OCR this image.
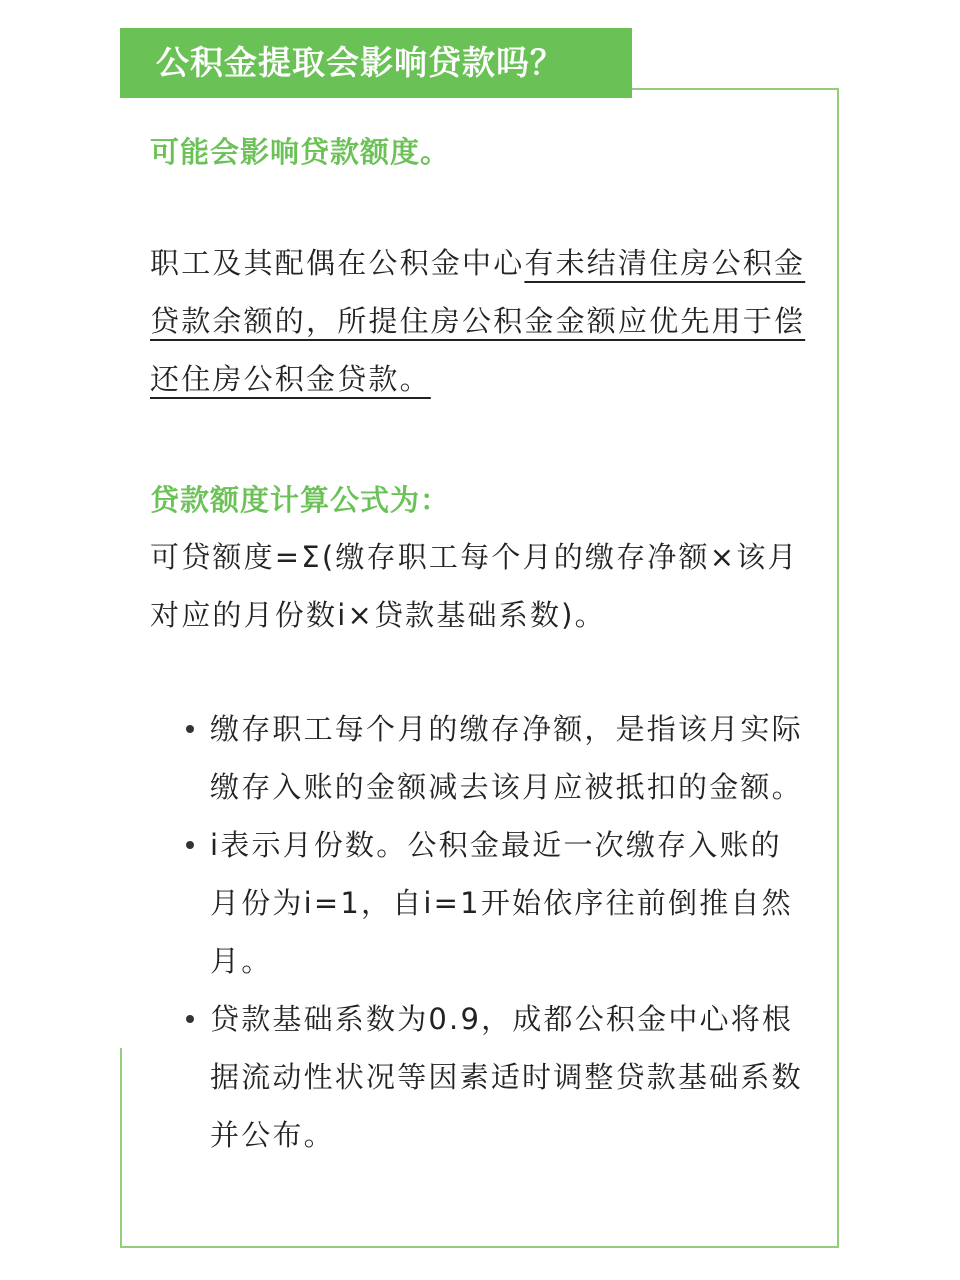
公积金提取会影响贷款吗？
可能会影响贷款额度。
职工及其配偶在公积金中心有未结清住房公积金贷款余额的，所提住房公积金金额应优先用于偿还住房公积金贷款。
贷款额度计算公式为：
可贷额度=Σ(缴存职工每个月的缴存净额×该月对应的月份数i×贷款基础系数)。
缴存职工每个月的缴存净额，是指该月实际缴存入账的金额减去该月应被抵扣的金额。
i表示月份数。公积金最近一次缴存入账的月份为i=1，自i=1开始依序往前倒推自然月。
贷款基础系数为0.9，成都公积金中心将根据流动性状况等因素适时调整贷款基础系数并公布。
